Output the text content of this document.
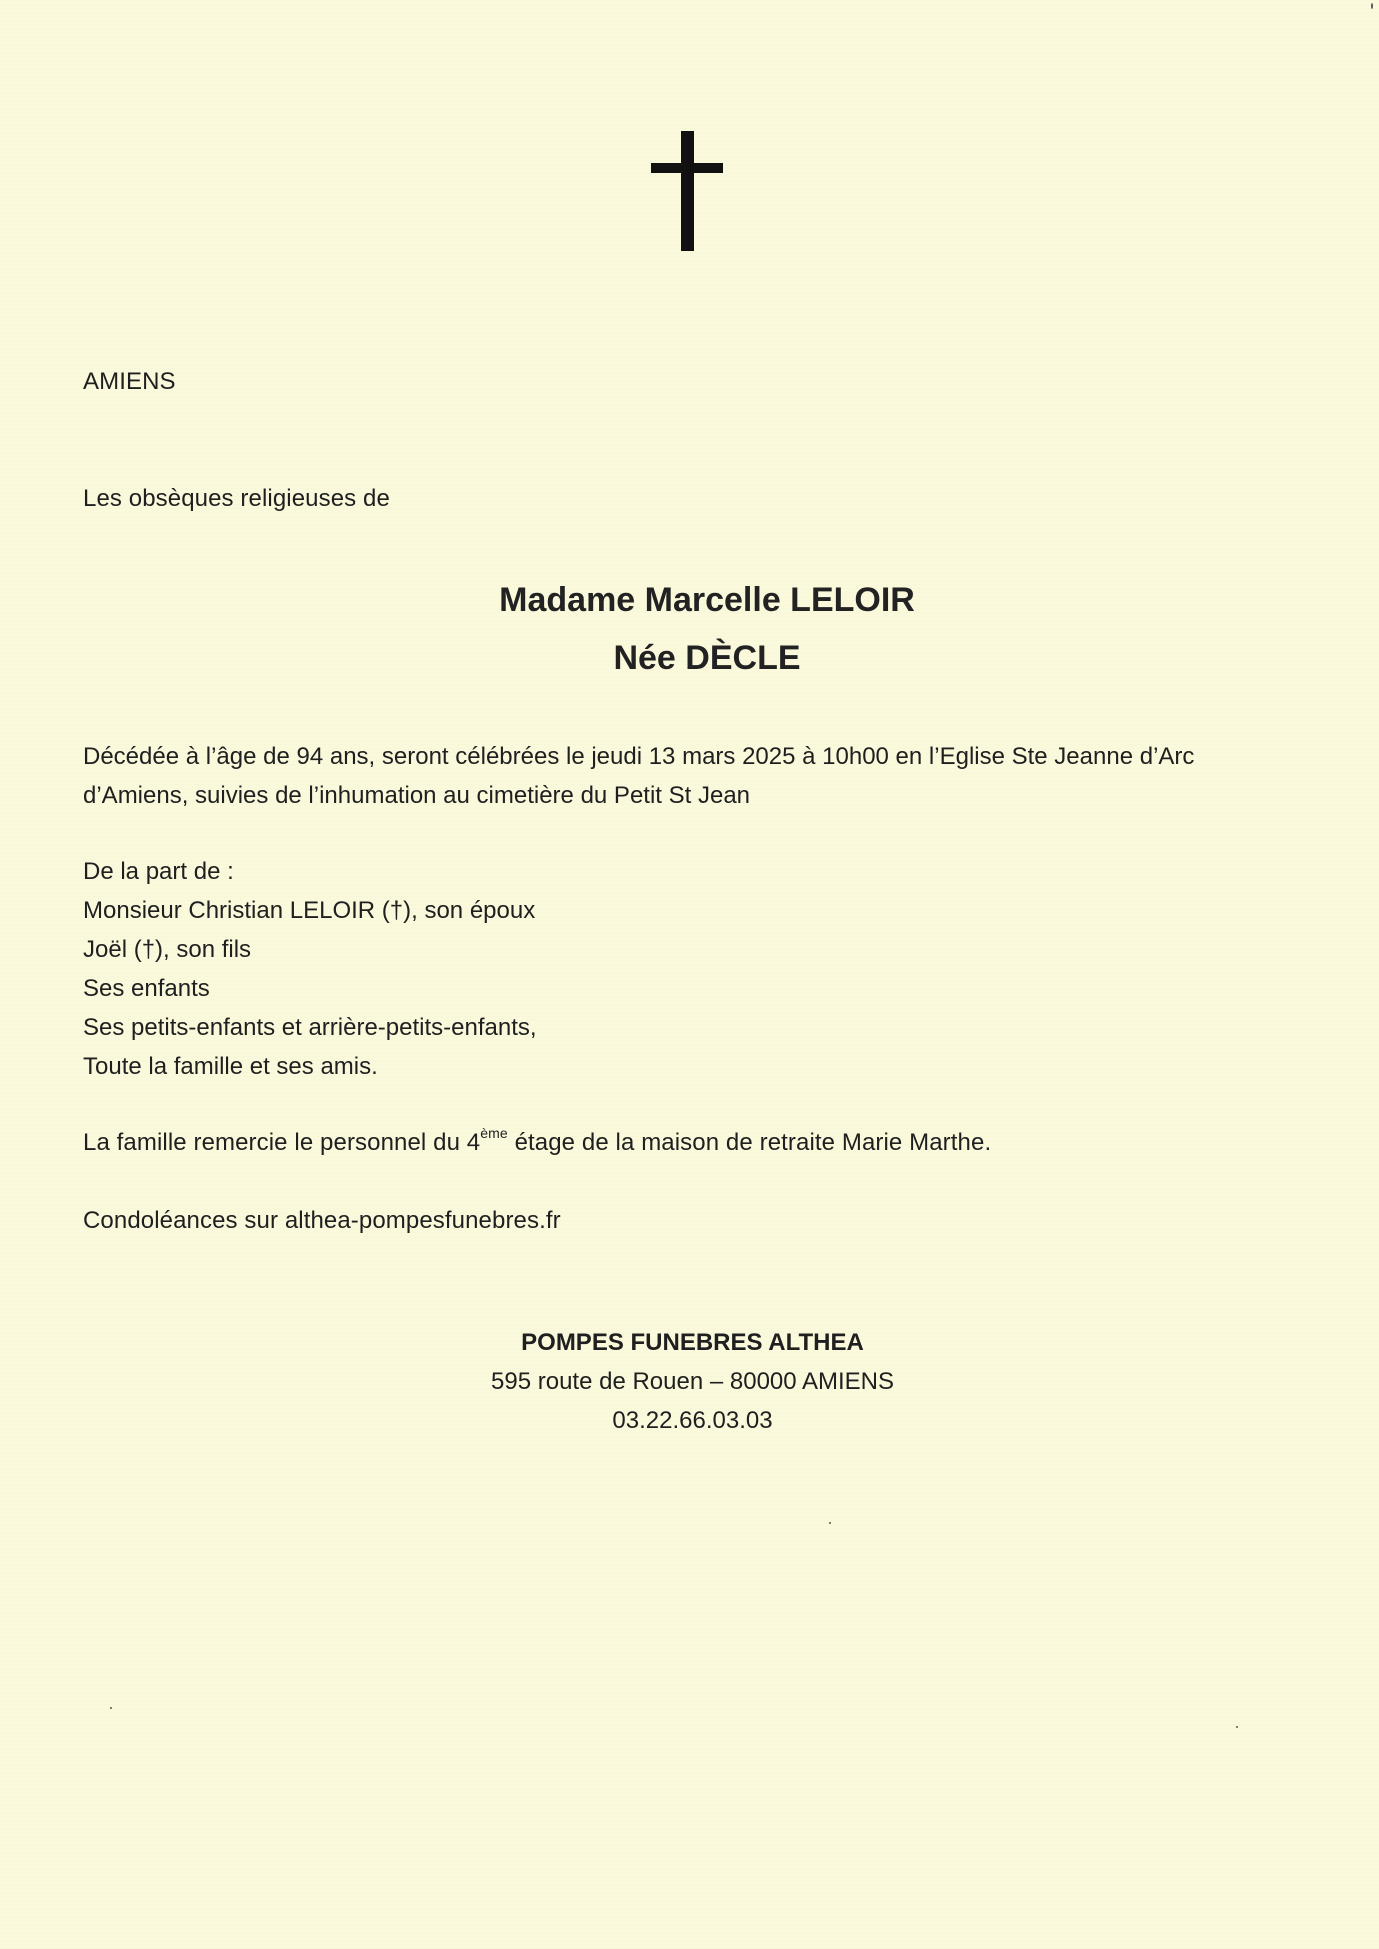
AMIENS
Les obsèques religieuses de
Madame Marcelle LELOIR
Née DÈCLE
Décédée à l’âge de 94 ans, seront célébrées le jeudi 13 mars 2025 à 10h00 en l’Eglise Ste Jeanne d’Arc
d’Amiens, suivies de l’inhumation au cimetière du Petit St Jean
De la part de :
Monsieur Christian LELOIR (†), son époux
Joël (†), son fils
Ses enfants
Ses petits-enfants et arrière-petits-enfants,
Toute la famille et ses amis.
La famille remercie le personnel du 4ème étage de la maison de retraite Marie Marthe.
Condoléances sur althea-pompesfunebres.fr
POMPES FUNEBRES ALTHEA
595 route de Rouen – 80000 AMIENS
03.22.66.03.03
